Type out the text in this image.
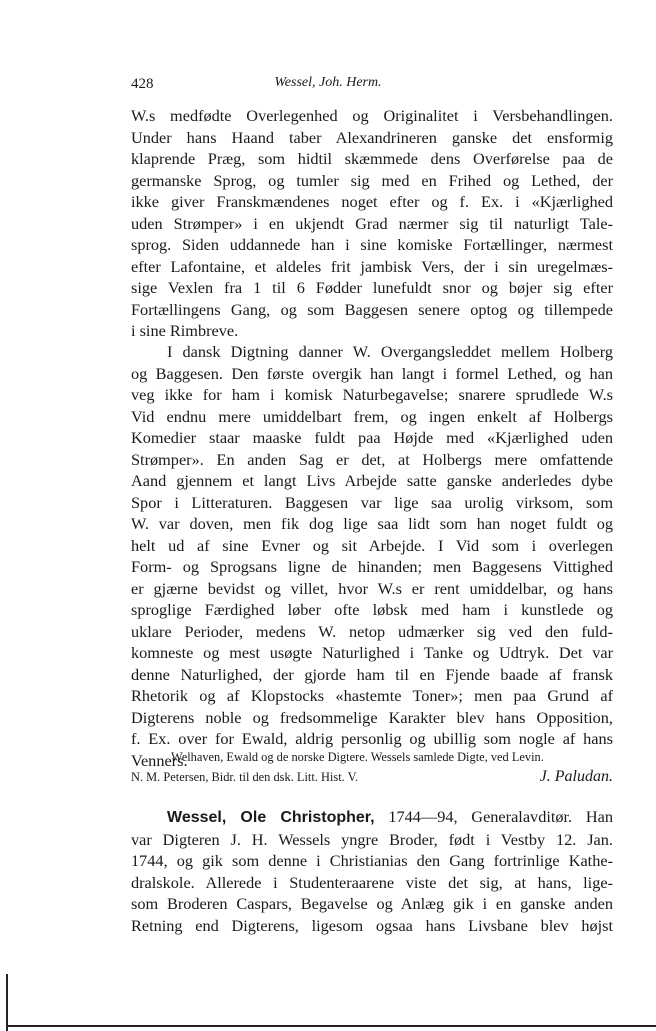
428	Wessel, Joh. Herm.

W.s medfødte Overlegenhed og Originalitet i Versbehandlingen.

Under hans Haand taber Alexandrineren ganske det ensformig

klaprende Præg, som hidtil skæmmede dens Overførelse paa de

germanske Sprog, og tumler sig med en Frihed og Lethed, der

ikke giver Franskmændenes noget efter og f. Ex. i «Kjærlighed

uden Strømper» i en ukjendt Grad nærmer sig til naturligt Tale-

sprog. Siden uddannede han i sine komiske Fortællinger, nærmest

efter Lafontaine, et aldeles frit jambisk Vers, der i sin uregelmæs-

sige Vexlen fra 1 til 6 Fødder lunefuldt snor og bøjer sig efter

Fortællingens Gang, og som Baggesen senere optog og tillempede

i sine Rimbreve.

I dansk Digtning danner W. Overgangsleddet mellem Holberg

og Baggesen. Den første overgik han langt i formel Lethed, og han

veg ikke for ham i komisk Naturbegavelse; snarere sprudlede W.s

Vid endnu mere umiddelbart frem, og ingen enkelt af Holbergs

Komedier staar maaske fuldt paa Højde med «Kjærlighed uden

Strømper». En anden Sag er det, at Holbergs mere omfattende

Aand gjennem et langt Livs Arbejde satte ganske anderledes dybe

Spor i Litteraturen. Baggesen var lige saa urolig virksom, som

W. var doven, men fik dog lige saa lidt som han noget fuldt og

helt ud af sine Evner og sit Arbejde. I Vid som i overlegen

Form- og Sprogsans ligne de hinanden; men Baggesens Vittighed

er gjærne bevidst og villet, hvor W.s er rent umiddelbar, og hans

sproglige Færdighed løber ofte løbsk med ham i kunstlede og

uklare Perioder, medens W. netop udmærker sig ved den fuld-

komneste og mest usøgte Naturlighed i Tanke og Udtryk. Det var

denne Naturlighed, der gjorde ham til en Fjende baade af fransk

Rhetorik og af Klopstocks «hastemte Toner»; men paa Grund af

Digterens noble og fredsommelige Karakter blev hans Opposition,

f. Ex. over for Ewald, aldrig personlig og ubillig som nogle af hans

Venners.

Welhaven, Ewald og de norske Digtere. Wessels samlede Digte, ved Levin.

N. M. Petersen, Bidr. til den dsk. Litt. Hist. V.	J. Paludan.

Wessel, Ole Christopher, 1744—94, Generalavditør. Han

var Digteren J. H. Wessels yngre Broder, født i Vestby 12. Jan.

1744, og gik som denne i Christianias den Gang fortrinlige Kathe-

dralskole. Allerede i Studenteraarene viste det sig, at hans, lige-

som Broderen Caspars, Begavelse og Anlæg gik i en ganske anden

Retning end Digterens, ligesom ogsaa hans Livsbane blev højst
